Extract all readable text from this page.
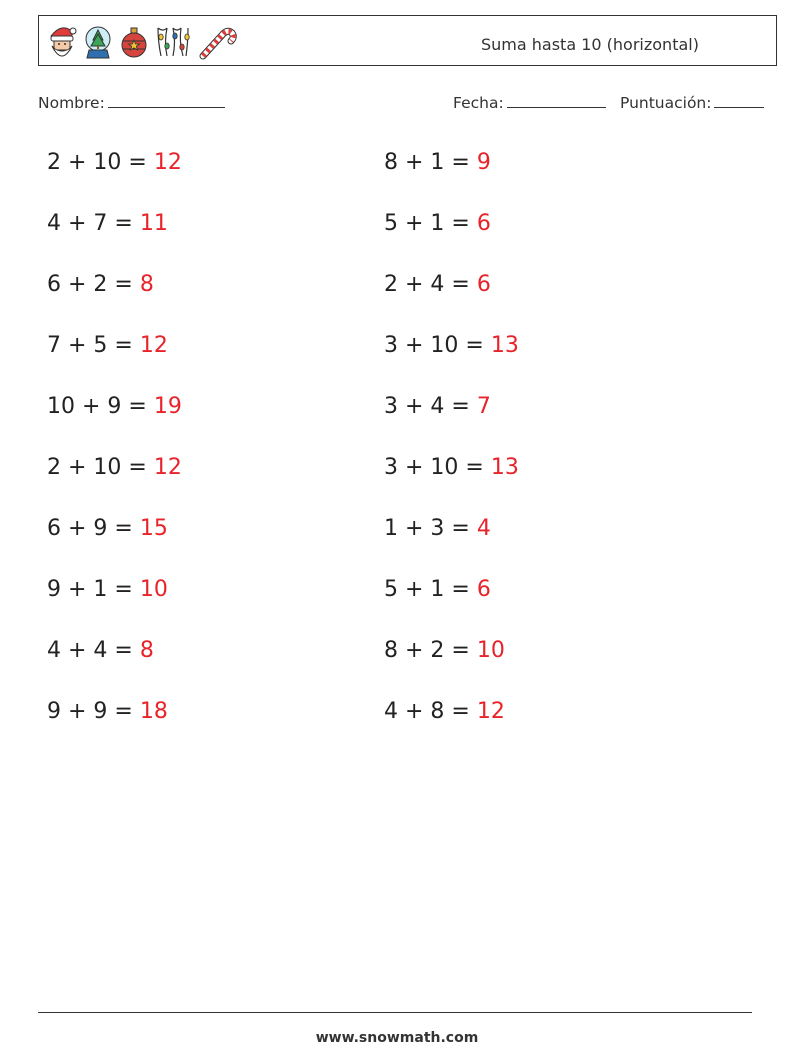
Suma hasta 10 (horizontal)
Nombre:	Fecha:	Puntuación:
2 + 10 = 12
4 + 7 = 11
6 + 2 = 8
7 + 5 = 12
10 + 9 = 19
2 + 10 = 12
6 + 9 = 15
9 + 1 = 10
4 + 4 = 8
9 + 9 = 18
8 + 1 = 9
5 + 1 = 6
2 + 4 = 6
3 + 10 = 13
3 + 4 = 7
3 + 10 = 13
1 + 3 = 4
5 + 1 = 6
8 + 2 = 10
4 + 8 = 12
www.snowmath.com
